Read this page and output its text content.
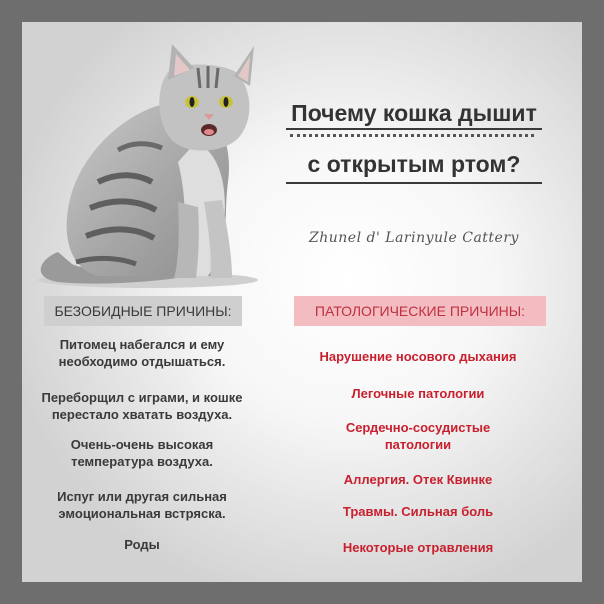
Почему кошка дышит
с открытым ртом?
Zhunel d' Larinyule Cattery
БЕЗОБИДНЫЕ ПРИЧИНЫ:	ПАТОЛОГИЧЕСКИЕ ПРИЧИНЫ:
Питомец набегался и ему
необходимо отдышаться.
Переборщил с играми, и кошке
перестало хватать воздуха.
Очень-очень высокая
температура воздуха.
Испуг или другая сильная
эмоциональная встряска.
Роды
Нарушение носового дыхания
Легочные патологии
Сердечно-сосудистые
патологии
Аллергия. Отек Квинке
Травмы. Сильная боль
Некоторые отравления
